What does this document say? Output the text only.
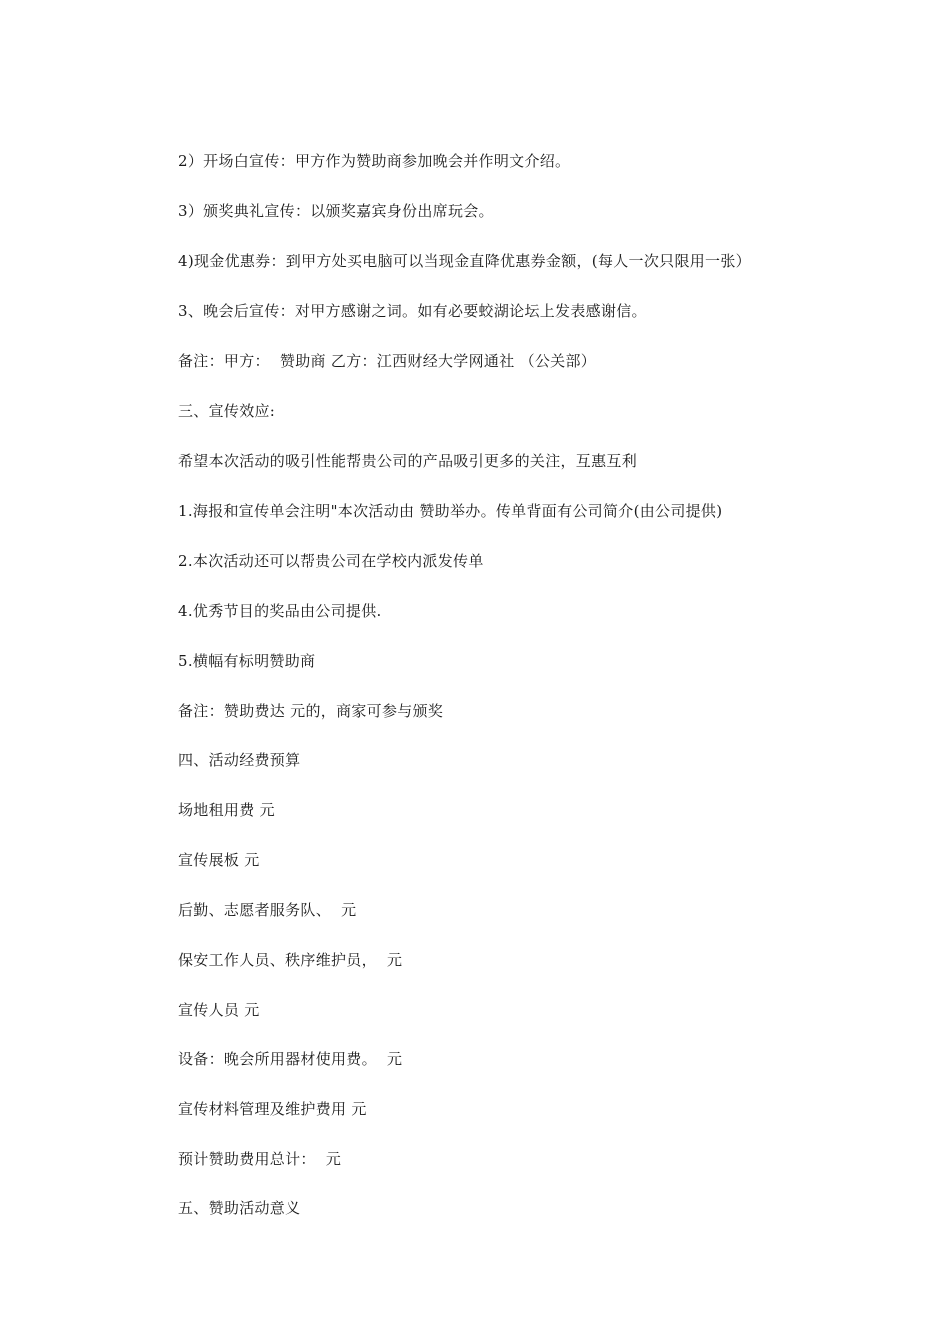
2）开场白宣传：甲方作为赞助商参加晚会并作明文介绍。
3）颁奖典礼宣传：以颁奖嘉宾身份出席玩会。
4)现金优惠券：到甲方处买电脑可以当现金直降优惠券金额，(每人一次只限用一张）
3、晚会后宣传：对甲方感谢之词。如有必要蛟湖论坛上发表感谢信。
备注：甲方：  赞助商 乙方：江西财经大学网通社 （公关部）
三、宣传效应:
希望本次活动的吸引性能帮贵公司的产品吸引更多的关注，互惠互利
1.海报和宣传单会注明"本次活动由 赞助举办。传单背面有公司简介(由公司提供)
2.本次活动还可以帮贵公司在学校内派发传单
4.优秀节目的奖品由公司提供.
5.横幅有标明赞助商
备注：赞助费达 元的，商家可参与颁奖
四、活动经费预算
场地租用费 元
宣传展板 元
后勤、志愿者服务队、  元
保安工作人员、秩序维护员，  元
宣传人员 元
设备：晚会所用器材使用费。  元
宣传材料管理及维护费用 元
预计赞助费用总计：  元
五、赞助活动意义
